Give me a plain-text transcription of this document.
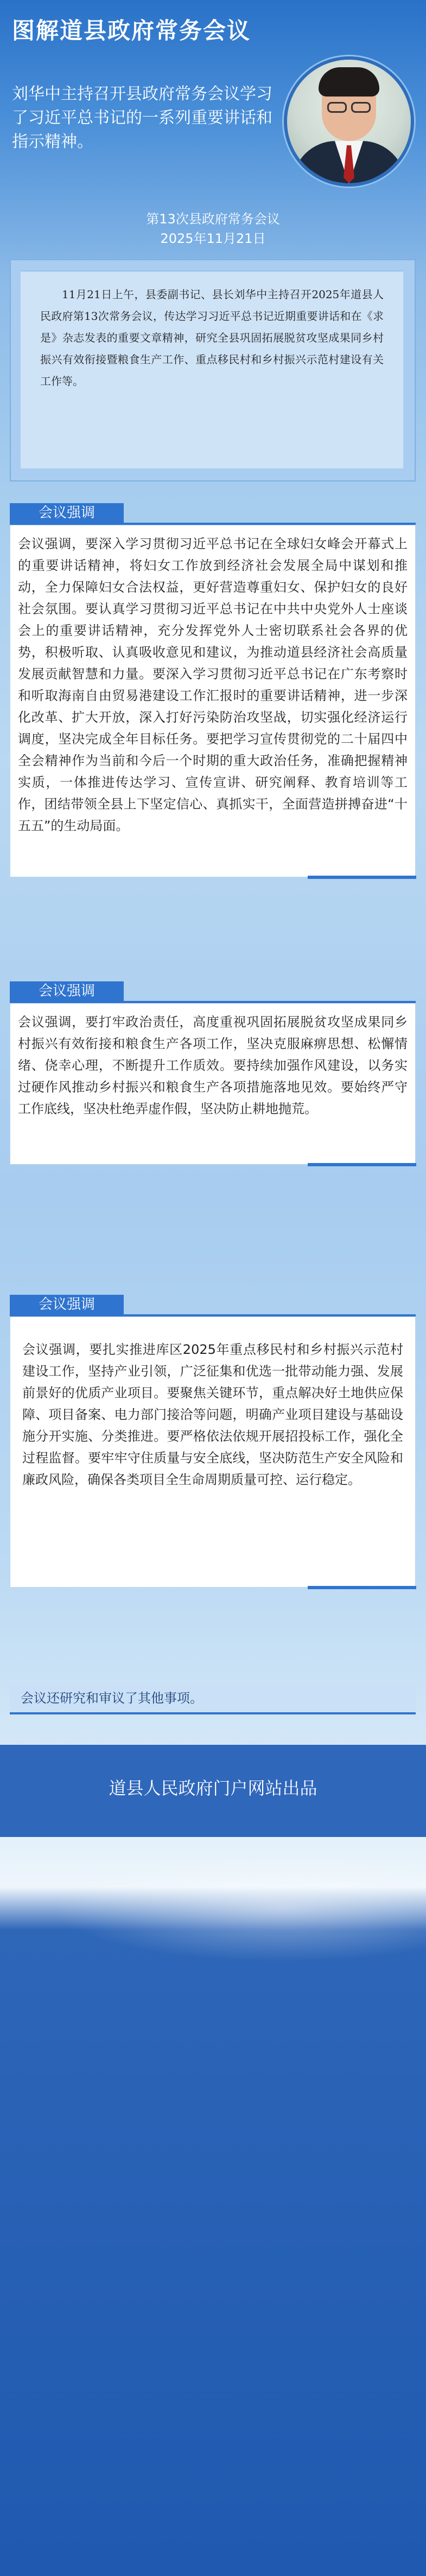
图解道县政府常务会议
刘华中主持召开县政府常务会议学习了习近平总书记的一系列重要讲话和指示精神。
第13次县政府常务会议
2025年11月21日

11月21日上午，县委副书记、县长刘华中主持召开2025年道县人民政府第13次常务会议，传达学习习近平总书记近期重要讲话和在《求是》杂志发表的重要文章精神，研究全县巩固拓展脱贫攻坚成果同乡村振兴有效衔接暨粮食生产工作、重点移民村和乡村振兴示范村建设有关工作等。

会议强调

会议强调，要深入学习贯彻习近平总书记在全球妇女峰会开幕式上的重要讲话精神，将妇女工作放到经济社会发展全局中谋划和推动，全力保障妇女合法权益，更好营造尊重妇女、保护妇女的良好社会氛围。要认真学习贯彻习近平总书记在中共中央党外人士座谈会上的重要讲话精神，充分发挥党外人士密切联系社会各界的优势，积极听取、认真吸收意见和建议，为推动道县经济社会高质量发展贡献智慧和力量。要深入学习贯彻习近平总书记在广东考察时和听取海南自由贸易港建设工作汇报时的重要讲话精神，进一步深化改革、扩大开放，深入打好污染防治攻坚战，切实强化经济运行调度，坚决完成全年目标任务。要把学习宣传贯彻党的二十届四中全会精神作为当前和今后一个时期的重大政治任务，准确把握精神实质，一体推进传达学习、宣传宣讲、研究阐释、教育培训等工作，团结带领全县上下坚定信心、真抓实干，全面营造拼搏奋进“十五五”的生动局面。

会议强调

会议强调，要打牢政治责任，高度重视巩固拓展脱贫攻坚成果同乡村振兴有效衔接和粮食生产各项工作，坚决克服麻痹思想、松懈情绪、侥幸心理，不断提升工作质效。要持续加强作风建设，以务实过硬作风推动乡村振兴和粮食生产各项措施落地见效。要始终严守工作底线，坚决杜绝弄虚作假，坚决防止耕地抛荒。

会议强调

会议强调，要扎实推进库区2025年重点移民村和乡村振兴示范村建设工作，坚持产业引领，广泛征集和优选一批带动能力强、发展前景好的优质产业项目。要聚焦关键环节，重点解决好土地供应保障、项目备案、电力部门接洽等问题，明确产业项目建设与基础设施分开实施、分类推进。要严格依法依规开展招投标工作，强化全过程监督。要牢牢守住质量与安全底线，坚决防范生产安全风险和廉政风险，确保各类项目全生命周期质量可控、运行稳定。

会议还研究和审议了其他事项。
道县人民政府门户网站出品
